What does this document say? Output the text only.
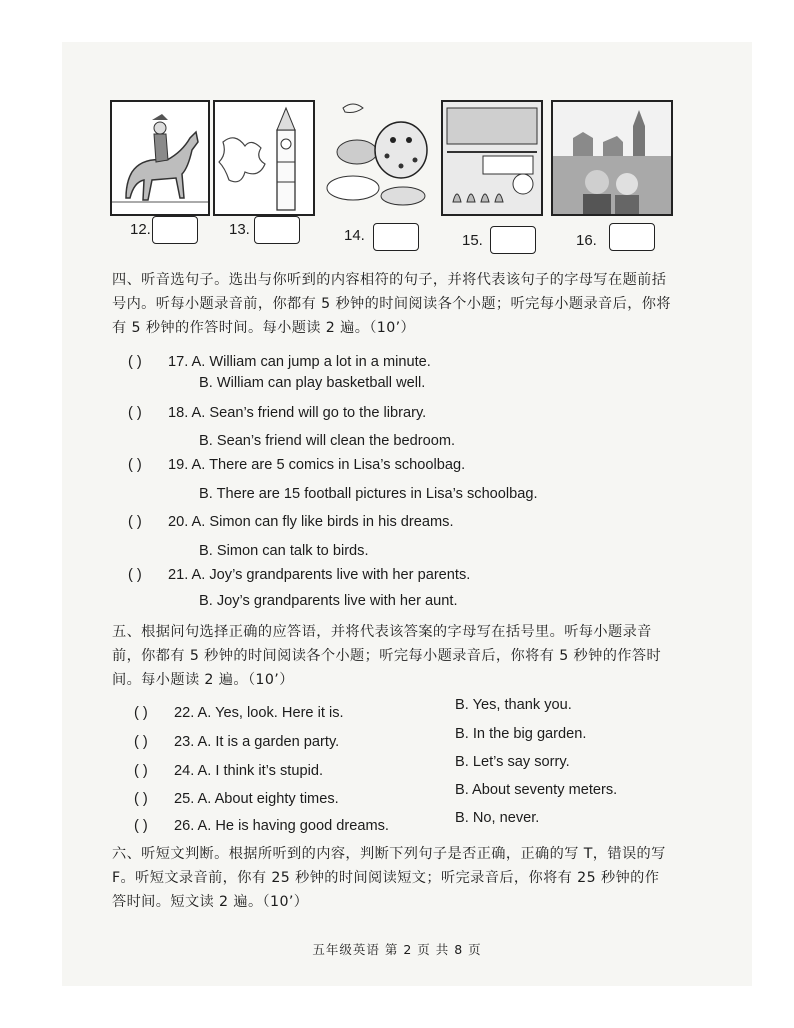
12.	13.	14.	15.	16.
四、听音选句子。选出与你听到的内容相符的句子，并将代表该句子的字母写在题前括号内。听每小题录音前，你都有 5 秒钟的时间阅读各个小题；听完每小题录音后，你将有 5 秒钟的作答时间。每小题读 2 遍。（10’）
( ) 17. A. William can jump a lot in a minute.
B. William can play basketball well.
( ) 18. A. Sean’s friend will go to the library.
B. Sean’s friend will clean the bedroom.
( ) 19. A. There are 5 comics in Lisa’s schoolbag.
B. There are 15 football pictures in Lisa’s schoolbag.
( ) 20. A. Simon can fly like birds in his dreams.
B. Simon can talk to birds.
( ) 21. A. Joy’s grandparents live with her parents.
B. Joy’s grandparents live with her aunt.
五、根据问句选择正确的应答语，并将代表该答案的字母写在括号里。听每小题录音前，你都有 5 秒钟的时间阅读各个小题；听完每小题录音后，你将有 5 秒钟的作答时间。每小题读 2 遍。（10’）
( ) 22. A. Yes, look. Here it is.	B. Yes, thank you.
( ) 23. A. It is a garden party.	B. In the big garden.
( ) 24. A. I think it’s stupid.
B. Let’s say sorry.
( ) 25. A. About eighty times.
B. About seventy meters.
( ) 26. A. He is having good dreams.	B. No, never.
六、听短文判断。根据所听到的内容，判断下列句子是否正确，正确的写 T，错误的写 F。听短文录音前，你有 25 秒钟的时间阅读短文；听完录音后，你将有 25 秒钟的作答时间。短文读 2 遍。（10’）
五年级英语 第 2 页 共 8 页
